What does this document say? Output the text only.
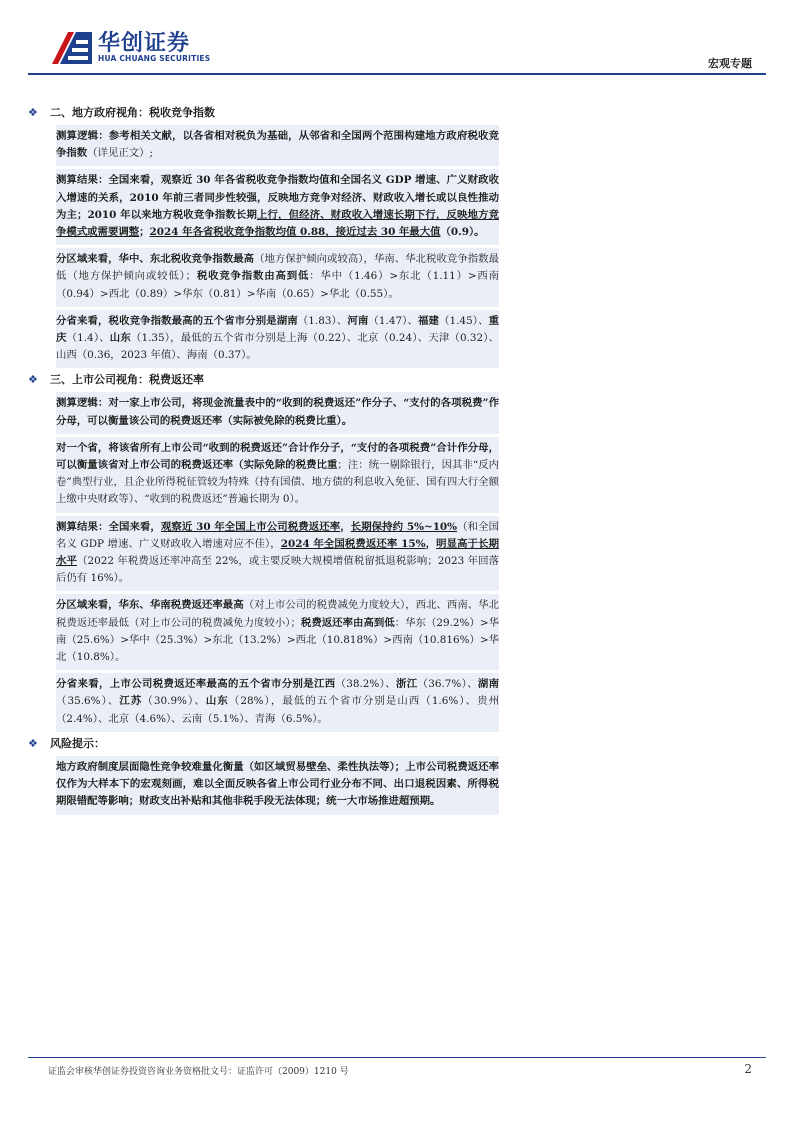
华创证券
HUA CHUANG SECURITIES	宏观专题
❖ 二、地方政府视角：税收竞争指数
测算逻辑：参考相关文献，以各省相对税负为基础，从邻省和全国两个范围构建地方政府税收竞争指数（详见正文）;
测算结果：全国来看，观察近 30 年各省税收竞争指数均值和全国名义 GDP 增速、广义财政收入增速的关系，2010 年前三者同步性较强，反映地方竞争对经济、财政收入增长或以良性推动为主；2010 年以来地方税收竞争指数长期上行，但经济、财政收入增速长期下行，反映地方竞争模式或需要调整；2024 年各省税收竞争指数均值 0.88，接近过去 30 年最大值（0.9）。
分区域来看，华中、东北税收竞争指数最高（地方保护倾向或较高），华南、华北税收竞争指数最低（地方保护倾向或较低）；税收竞争指数由高到低：华中（1.46）>东北（1.11）>西南（0.94）>西北（0.89）>华东（0.81）>华南（0.65）>华北（0.55）。
分省来看，税收竞争指数最高的五个省市分别是湖南（1.83）、河南（1.47）、福建（1.45）、重庆（1.4）、山东（1.35），最低的五个省市分别是上海（0.22）、北京（0.24）、天津（0.32）、山西（0.36，2023 年值）、海南（0.37）。
❖ 三、上市公司视角：税费返还率
测算逻辑：对一家上市公司，将现金流量表中的“收到的税费返还”作分子、“支付的各项税费”作分母，可以衡量该公司的税费返还率（实际被免除的税费比重）。
对一个省，将该省所有上市公司“收到的税费返还”合计作分子，“支付的各项税费”合计作分母，可以衡量该省对上市公司的税费返还率（实际免除的税费比重；注：统一剔除银行，因其非“反内卷”典型行业，且企业所得税征管较为特殊（持有国债、地方债的利息收入免征、国有四大行全额上缴中央财政等）、“收到的税费返还”普遍长期为 0）。
测算结果：全国来看，观察近 30 年全国上市公司税费返还率，长期保持约 5%~10%（和全国名义 GDP 增速、广义财政收入增速对应不佳），2024 年全国税费返还率 15%，明显高于长期水平（2022 年税费返还率冲高至 22%，或主要反映大规模增值税留抵退税影响；2023 年回落后仍有 16%）。
分区域来看，华东、华南税费返还率最高（对上市公司的税费减免力度较大），西北、西南、华北税费返还率最低（对上市公司的税费减免力度较小）；税费返还率由高到低：华东（29.2%）>华南（25.6%）>华中（25.3%）>东北（13.2%）>西北（10.818%）>西南（10.816%）>华北（10.8%）。
分省来看，上市公司税费返还率最高的五个省市分别是江西（38.2%）、浙江（36.7%）、湖南（35.6%）、江苏（30.9%）、山东（28%），最低的五个省市分别是山西（1.6%）、贵州（2.4%）、北京（4.6%）、云南（5.1%）、青海（6.5%）。
❖ 风险提示：
地方政府制度层面隐性竞争较难量化衡量（如区域贸易壁垒、柔性执法等）；上市公司税费返还率仅作为大样本下的宏观刻画，难以全面反映各省上市公司行业分布不同、出口退税因素、所得税期限错配等影响；财政支出补贴和其他非税手段无法体现；统一大市场推进超预期。
证监会审核华创证券投资咨询业务资格批文号：证监许可（2009）1210 号	2
